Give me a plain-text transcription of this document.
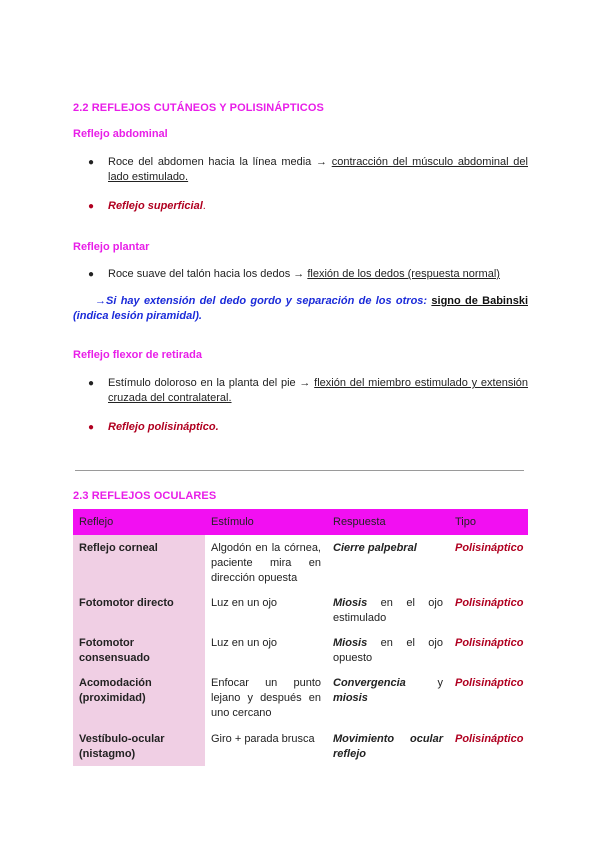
2.2 REFLEJOS CUTÁNEOS Y POLISINÁPTICOS
Reflejo abdominal
● Roce del abdomen hacia la línea media → contracción del músculo abdominal del lado estimulado.
● Reflejo superficial.
Reflejo plantar
● Roce suave del talón hacia los dedos → flexión de los dedos (respuesta normal)
→Si hay extensión del dedo gordo y separación de los otros: signo de Babinski (indica lesión piramidal).
Reflejo flexor de retirada
● Estímulo doloroso en la planta del pie → flexión del miembro estimulado y extensión cruzada del contralateral.
● Reflejo polisináptico.
2.3 REFLEJOS OCULARES
Reflejo	Estímulo	Respuesta	Tipo
Reflejo corneal	Algodón en la córnea, paciente mira en dirección opuesta	Cierre palpebral	Polisináptico
Fotomotor directo	Luz en un ojo	Miosis en el ojo estimulado	Polisináptico
Fotomotor consensuado	Luz en un ojo	Miosis en el ojo opuesto	Polisináptico
Acomodación (proximidad)	Enfocar un punto lejano y después en uno cercano	Convergencia y miosis	Polisináptico
Vestíbulo-ocular (nistagmo)	Giro + parada brusca	Movimiento ocular reflejo	Polisináptico
